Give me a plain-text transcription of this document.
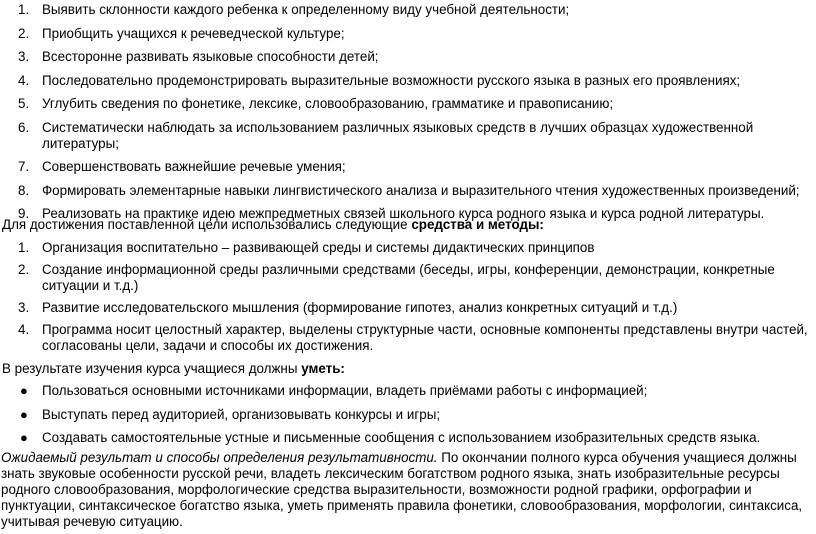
1. Выявить склонности каждого ребенка к определенному виду учебной деятельности;
2. Приобщить учащихся к речеведческой культуре;
3. Всесторонне развивать языковые способности детей;
4. Последовательно продемонстрировать выразительные возможности русского языка в разных его проявлениях;
5. Углубить сведения по фонетике, лексике, словообразованию, грамматике и правописанию;
6. Систематически наблюдать за использованием различных языковых средств в лучших образцах художественной литературы;
7. Совершенствовать важнейшие речевые умения;
8. Формировать элементарные навыки лингвистического анализа и выразительного чтения художественных произведений;
9. Реализовать на практике идею межпредметных связей школьного курса родного языка и курса родной литературы.
Для достижения поставленной цели использовались следующие средства и методы:
1. Организация воспитательно – развивающей среды и системы дидактических принципов
2. Создание информационной среды различными средствами (беседы, игры, конференции, демонстрации, конкретные ситуации и т.д.)
3. Развитие исследовательского мышления (формирование гипотез, анализ конкретных ситуаций и т.д.)
4. Программа носит целостный характер, выделены структурные части, основные компоненты представлены внутри частей, согласованы цели, задачи и способы их достижения.
В результате изучения курса учащиеся должны уметь:
● Пользоваться основными источниками информации, владеть приёмами работы с информацией;
● Выступать перед аудиторией, организовывать конкурсы и игры;
● Создавать самостоятельные устные и письменные сообщения с использованием изобразительных средств языка.
Ожидаемый результат и способы определения результативности. По окончании полного курса обучения учащиеся должны знать звуковые особенности русской речи, владеть лексическим богатством родного языка, знать изобразительные ресурсы родного словообразования, морфологические средства выразительности, возможности родной графики, орфографии и пунктуации, синтаксическое богатство языка, уметь применять правила фонетики, словообразования, морфологии, синтаксиса, учитывая речевую ситуацию.
